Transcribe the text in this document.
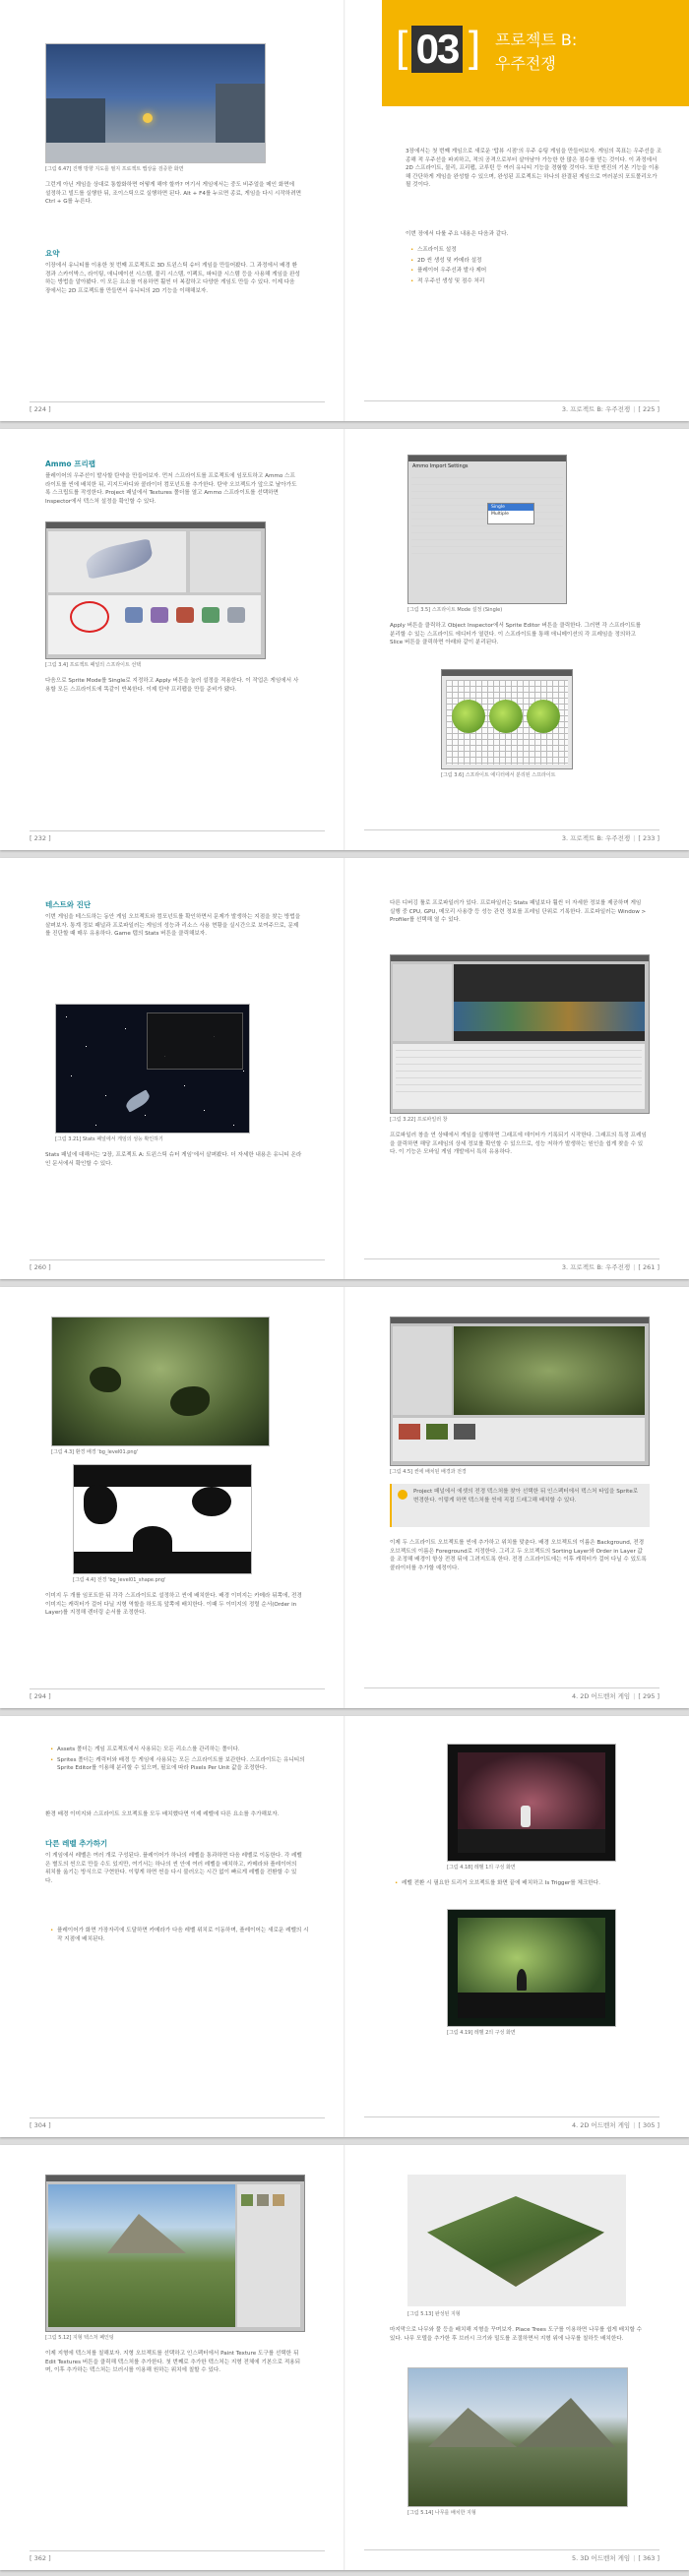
[그림 6.47] 진행 방향 지도를 필지 프로젝트 맵상을 검증한 화면
그런게 아닌 게임을 상대로 통합화하면 어떻게 해야 할까? 여기서 게임에서는 중도 비주얼을 메인 화면에 설정하고 빌드를 실행한 뒤, 조이스틱으로 실행하면 된다. Alt + F4를 누르면 종료, 게임을 다시 시작하려면 Ctrl + G를 누른다.
요약
이장에서 유니티를 이용한 첫 번째 프로젝트로 3D 트윈스틱 슈터 게임을 만들어봤다. 그 과정에서 배경 환경과 스카이박스, 라이팅, 애니메이션 시스템, 물리 시스템, 이펙트, 파티클 시스템 등을 사용해 게임을 완성하는 방법을 알아봤다. 이 모든 요소를 이용하면 훨씬 더 복잡하고 다양한 게임도 만들 수 있다. 이제 다음 장에서는 2D 프로젝트를 만들면서 유니티의 2D 기능을 이해해보자.
[ 224 ]	3. 프로젝트 B: 우주전쟁 | [ 225 ]
[ 03 ] 프로젝트 B:
우주전쟁
3장에서는 첫 번째 게임으로 새로운 '탑뷰 시점'의 우주 슈팅 게임을 만들어보자. 게임의 목표는 우주선을 조종해 적 우주선을 파괴하고, 적의 공격으로부터 살아남아 가능한 한 많은 점수를 얻는 것이다. 이 과정에서 2D 스프라이트, 물리, 프리팹, 코루틴 등 여러 유니티 기능을 경험할 것이다. 또한 엔진의 기본 기능을 이용해 간단하게 게임을 완성할 수 있으며, 완성된 프로젝트는 하나의 완결된 게임으로 여러분의 포트폴리오가 될 것이다.
이번 장에서 다룰 주요 내용은 다음과 같다.
• 스프라이트 설정
• 2D 씬 생성 및 카메라 설정
• 플레이어 우주선과 발사 제어
• 적 우주선 생성 및 점수 처리
Ammo 프리팹
플레이어의 우주선이 발사할 탄약을 만들어보자. 먼저 스프라이트를 프로젝트에 임포트하고 Ammo 스프라이트를 씬에 배치한 뒤, 리지드바디와 콜라이더 컴포넌트를 추가한다. 탄약 오브젝트가 앞으로 날아가도록 스크립트를 작성한다. Project 패널에서 Textures 폴더를 열고 Ammo 스프라이트를 선택하면 Inspector에서 텍스처 설정을 확인할 수 있다.
[그림 3.4] 프로젝트 패널의 스프라이트 선택
다음으로 Sprite Mode를 Single로 지정하고 Apply 버튼을 눌러 설정을 적용한다. 이 작업은 게임에서 사용할 모든 스프라이트에 똑같이 반복한다. 이제 탄약 프리팹을 만들 준비가 됐다.
[ 232 ]
Ammo Import Settings
Single
Multiple
[그림 3.5] 스프라이트 Mode 설정 (Single)
Apply 버튼을 클릭하고 Object Inspector에서 Sprite Editor 버튼을 클릭한다. 그러면 각 스프라이트를 분리할 수 있는 스프라이트 에디터가 열린다. 이 스프라이트를 통해 애니메이션의 각 프레임을 정의하고 Slice 버튼을 클릭하면 아래와 같이 분리된다.
[그림 3.6] 스프라이트 에디터에서 분리된 스프라이트
3. 프로젝트 B: 우주전쟁 | [ 233 ]
테스트와 진단
이번 게임을 테스트하는 동안 게임 오브젝트와 컴포넌트를 확인하면서 문제가 발생하는 지점을 찾는 방법을 살펴보자. 통계 정보 패널과 프로파일러는 게임의 성능과 리소스 사용 현황을 실시간으로 보여주므로, 문제를 진단할 때 매우 유용하다. Game 탭의 Stats 버튼을 클릭해보자.
[그림 3.21] Stats 패널에서 게임의 성능 확인하기
Stats 패널에 대해서는 '2장, 프로젝트 A: 트윈스틱 슈터 게임'에서 살펴봤다. 더 자세한 내용은 유니티 온라인 문서에서 확인할 수 있다.
[ 260 ]
다른 디버깅 툴로 프로파일러가 있다. 프로파일러는 Stats 패널보다 훨씬 더 자세한 정보를 제공하며 게임 실행 중 CPU, GPU, 메모리 사용량 등 성능 관련 정보를 프레임 단위로 기록한다. 프로파일러는 Window > Profiler를 선택해 열 수 있다.
[그림 3.22] 프로파일러 창
프로파일러 창을 연 상태에서 게임을 실행하면 그래프에 데이터가 기록되기 시작한다. 그래프의 특정 프레임을 클릭하면 해당 프레임의 상세 정보를 확인할 수 있으므로, 성능 저하가 발생하는 원인을 쉽게 찾을 수 있다. 이 기능은 모바일 게임 개발에서 특히 유용하다.
3. 프로젝트 B: 우주전쟁 | [ 261 ]
[그림 4.3] 환경 배경 'bg_level01.png'
[그림 4.4] 전경 'bg_level01_shape.png'
이미지 두 개를 임포트한 뒤 각각 스프라이트로 설정하고 씬에 배치한다. 배경 이미지는 카메라 뒤쪽에, 전경 이미지는 캐릭터가 걸어 다닐 지형 역할을 하도록 앞쪽에 배치한다. 이때 두 이미지의 정렬 순서(Order in Layer)를 지정해 렌더링 순서를 조정한다.
[ 294 ]
[그림 4.5] 씬에 배치된 배경과 전경
Project 패널에서 에셋의 전경 텍스처를 찾아 선택한 뒤 인스펙터에서 텍스처 타입을 Sprite로 변경한다. 이렇게 하면 텍스처를 씬에 직접 드래그해 배치할 수 있다.
이제 두 스프라이트 오브젝트를 씬에 추가하고 위치를 맞춘다. 배경 오브젝트의 이름은 Background, 전경 오브젝트의 이름은 Foreground로 지정한다. 그리고 두 오브젝트의 Sorting Layer와 Order in Layer 값을 조정해 배경이 항상 전경 뒤에 그려지도록 한다. 전경 스프라이트에는 이후 캐릭터가 걸어 다닐 수 있도록 콜라이더를 추가할 예정이다.
4. 2D 어드벤처 게임 | [ 295 ]
• Assets 폴더는 게임 프로젝트에서 사용되는 모든 리소스를 관리하는 폴더다.
• Sprites 폴더는 캐릭터와 배경 등 게임에 사용되는 모든 스프라이트를 보관한다. 스프라이트는 유니티의 Sprite Editor를 이용해 분리할 수 있으며, 필요에 따라 Pixels Per Unit 값을 조정한다.
환경 배경 이미지와 스프라이트 오브젝트를 모두 배치했다면 이제 레벨에 다른 요소를 추가해보자.
다른 레벨 추가하기
이 게임에서 레벨은 여러 개로 구성된다. 플레이어가 하나의 레벨을 통과하면 다음 레벨로 이동한다. 각 레벨은 별도의 씬으로 만들 수도 있지만, 여기서는 하나의 씬 안에 여러 레벨을 배치하고, 카메라와 플레이어의 위치를 옮기는 방식으로 구현한다. 이렇게 하면 씬을 다시 불러오는 시간 없이 빠르게 레벨을 전환할 수 있다.
• 플레이어가 화면 가장자리에 도달하면 카메라가 다음 레벨 위치로 이동하며, 플레이어는 새로운 레벨의 시작 지점에 배치된다.
[ 304 ]
[그림 4.18] 레벨 1의 구성 화면
• 레벨 전환 시 필요한 트리거 오브젝트를 화면 끝에 배치하고 Is Trigger를 체크한다.
[그림 4.19] 레벨 2의 구성 화면
4. 2D 어드벤처 게임 | [ 305 ]
[그림 5.12] 지형 텍스처 페인팅
이제 지형에 텍스처를 칠해보자. 지형 오브젝트를 선택하고 인스펙터에서 Paint Texture 도구를 선택한 뒤 Edit Textures 버튼을 클릭해 텍스처를 추가한다. 첫 번째로 추가한 텍스처는 지형 전체에 기본으로 적용되며, 이후 추가하는 텍스처는 브러시를 이용해 원하는 위치에 칠할 수 있다.
[ 362 ]
[그림 5.13] 완성된 지형
마지막으로 나무와 풀 등을 배치해 지형을 꾸며보자. Place Trees 도구를 이용하면 나무를 쉽게 배치할 수 있다. 나무 모델을 추가한 후 브러시 크기와 밀도를 조절하면서 지형 위에 나무를 칠하듯 배치한다.
[그림 5.14] 나무를 배치한 지형
5. 3D 어드벤처 게임 | [ 363 ]
